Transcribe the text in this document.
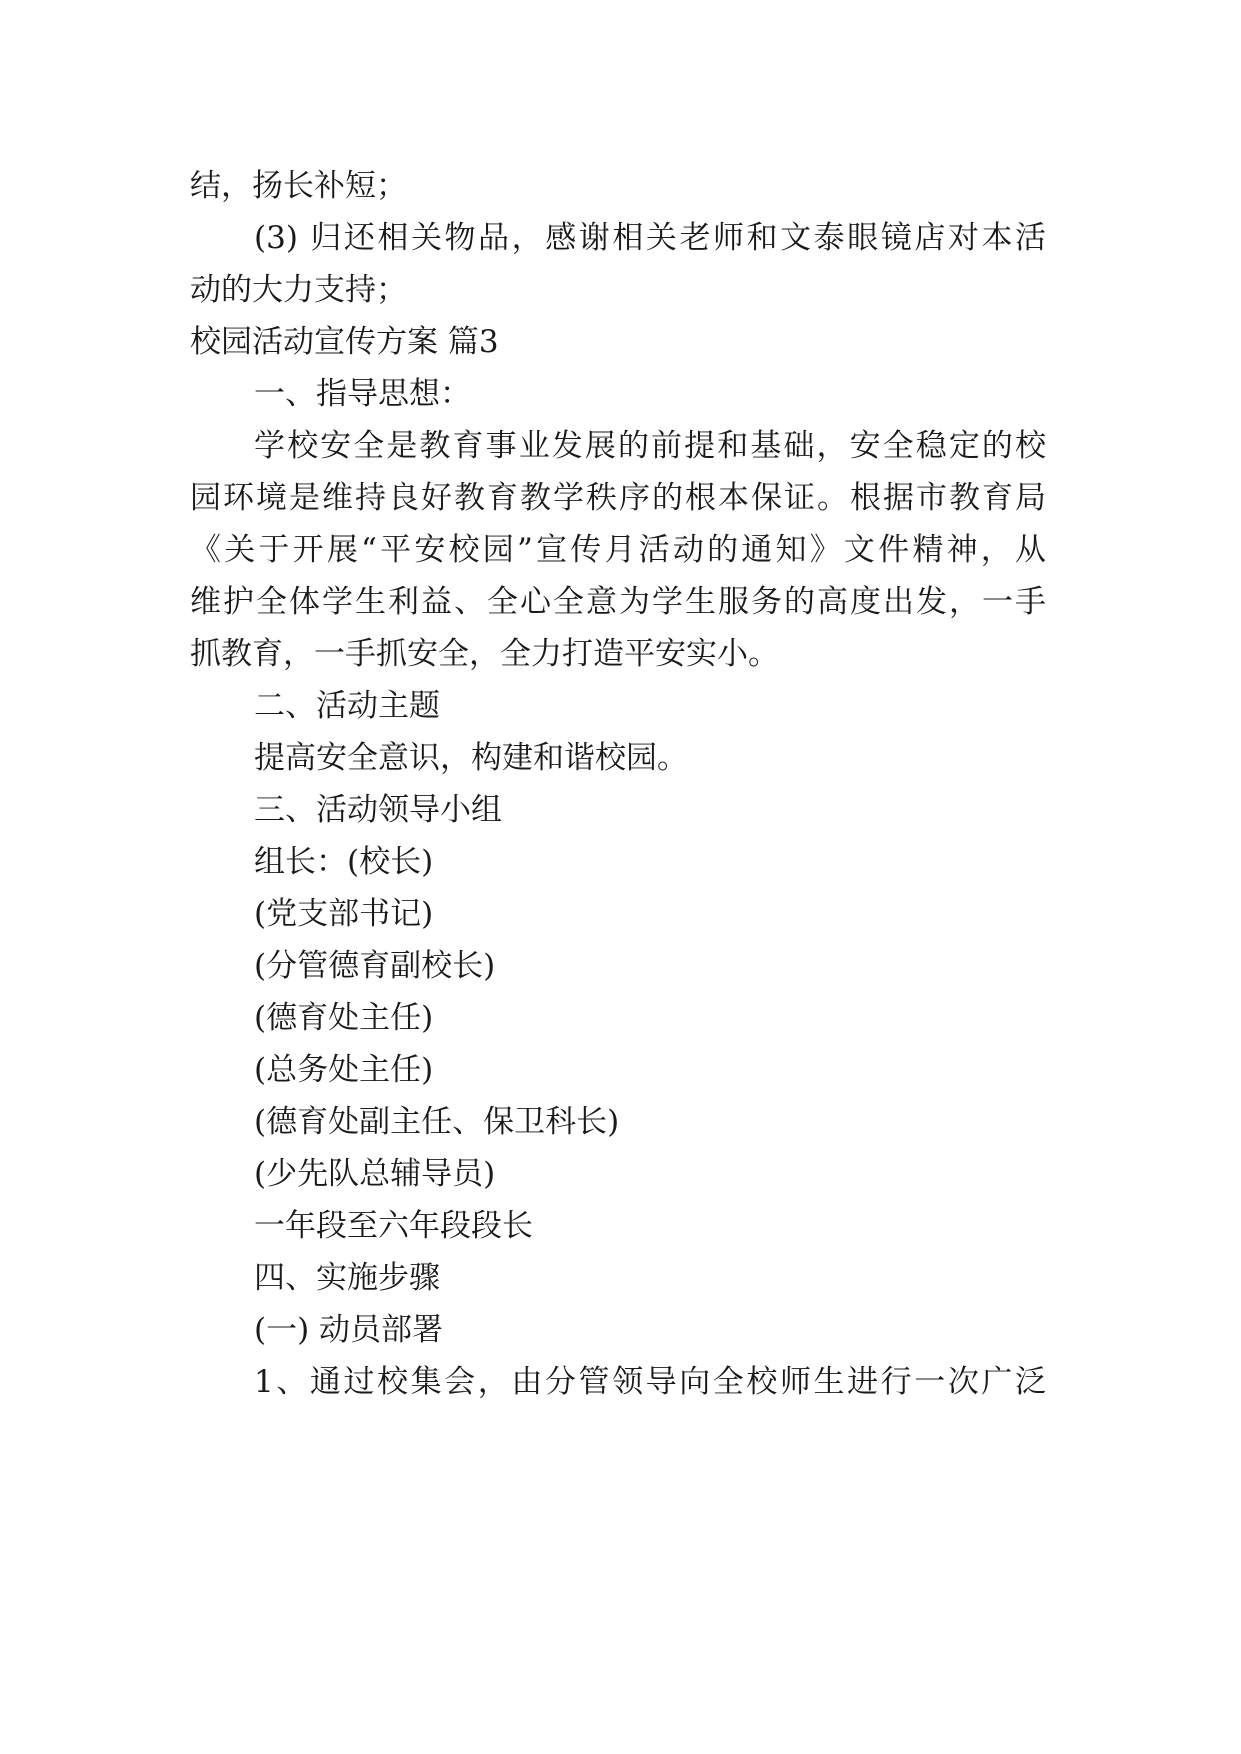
结，扬长补短；
(3) 归还相关物品，感谢相关老师和文泰眼镜店对本活
动的大力支持；
校园活动宣传方案 篇3
一、指导思想：
学校安全是教育事业发展的前提和基础，安全稳定的校
园环境是维持良好教育教学秩序的根本保证。根据市教育局
《关于开展“平安校园”宣传月活动的通知》文件精神，从
维护全体学生利益、全心全意为学生服务的高度出发，一手
抓教育，一手抓安全，全力打造平安实小。
二、活动主题
提高安全意识，构建和谐校园。
三、活动领导小组
组长：(校长)
(党支部书记)
(分管德育副校长)
(德育处主任)
(总务处主任)
(德育处副主任、保卫科长)
(少先队总辅导员)
一年段至六年段段长
四、实施步骤
(一) 动员部署
1、通过校集会，由分管领导向全校师生进行一次广泛
